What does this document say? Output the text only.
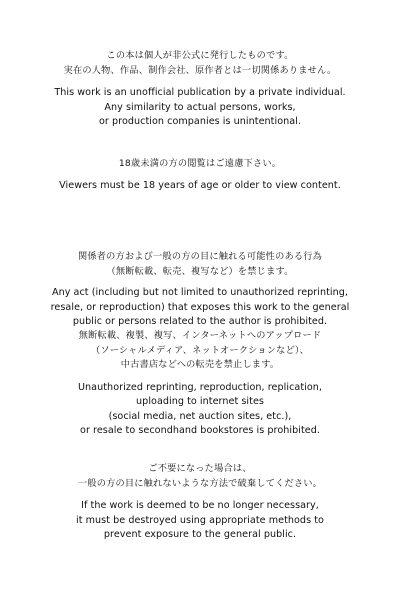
この本は個人が非公式に発行したものです。
実在の人物、作品、制作会社、原作者とは一切関係ありません。
This work is an unofficial publication by a private individual.
Any similarity to actual persons, works,
or production companies is unintentional.
18歳未満の方の閲覧はご遠慮下さい。
Viewers must be 18 years of age or older to view content.
関係者の方および一般の方の目に触れる可能性のある行為
（無断転載、転売、複写など）を禁じます。
Any act (including but not limited to unauthorized reprinting,
resale, or reproduction) that exposes this work to the general
public or persons related to the author is prohibited.
無断転載、複製、複写、インターネットへのアップロード
（ソーシャルメディア、ネットオークションなど）、
中古書店などへの転売を禁止します。
Unauthorized reprinting, reproduction, replication,
uploading to internet sites
(social media, net auction sites, etc.),
or resale to secondhand bookstores is prohibited.
ご不要になった場合は、
一般の方の目に触れないような方法で破棄してください。
If the work is deemed to be no longer necessary,
it must be destroyed using appropriate methods to
prevent exposure to the general public.
